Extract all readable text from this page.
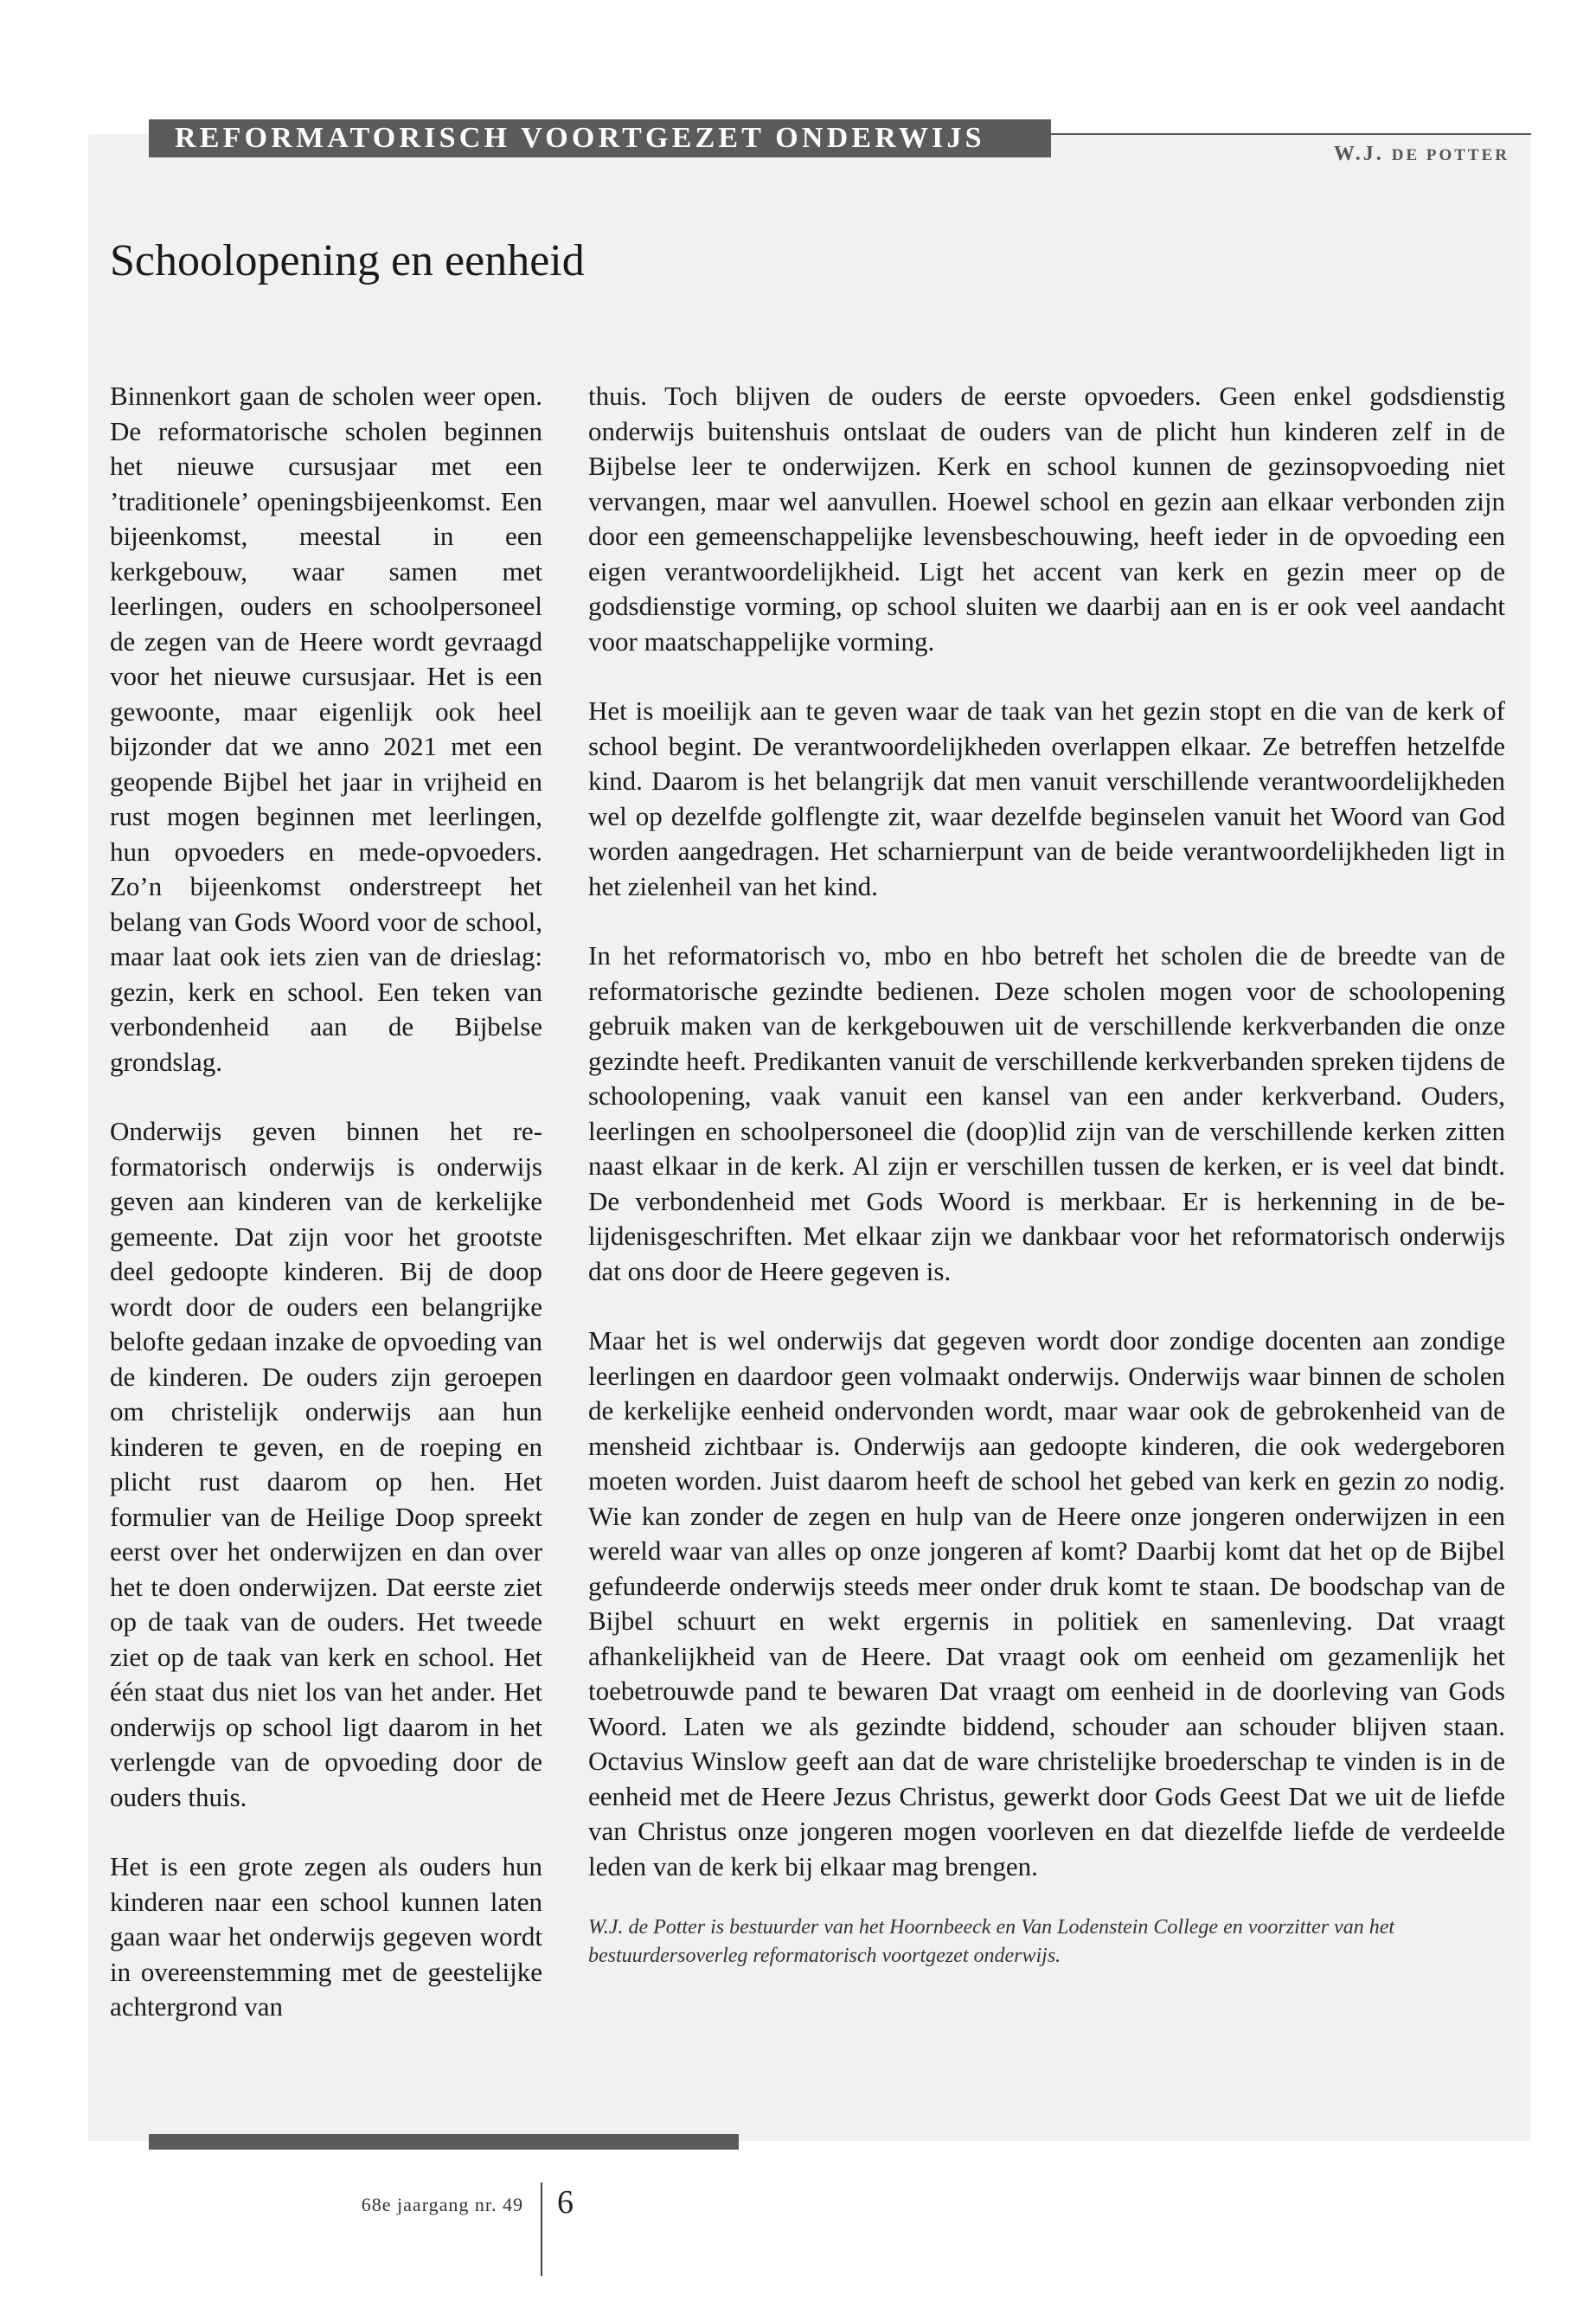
REFORMATORISCH VOORTGEZET ONDERWIJS	W.J. DE POTTER
Schoolopening en eenheid

Binnenkort gaan de scholen weer open. De reformatorische scholen beginnen het nieuwe cursusjaar met een ’traditionele’ openingsbijeenkomst. Een bijeenkomst, meestal in een kerkgebouw, waar samen met leerlingen, ouders en schoolpersoneel de zegen van de Heere wordt gevraagd voor het nieuwe cursusjaar. Het is een gewoonte, maar eigenlijk ook heel bijzonder dat we anno 2021 met een geopende Bijbel het jaar in vrijheid en rust mogen beginnen met leerlingen, hun opvoeders en mede-opvoeders. Zo’n bijeenkomst onderstreept het belang van Gods Woord voor de school, maar laat ook iets zien van de drieslag: gezin, kerk en school. Een teken van verbondenheid aan de Bijbelse grondslag.

Onderwijs geven binnen het reformatorisch onderwijs is onderwijs geven aan kinderen van de kerkelijke gemeente. Dat zijn voor het grootste deel gedoopte kinderen. Bij de doop wordt door de ouders een belangrijke belofte gedaan inzake de opvoeding van de kinderen. De ouders zijn geroepen om christelijk onderwijs aan hun kinderen te geven, en de roeping en plicht rust daarom op hen. Het formulier van de Heilige Doop spreekt eerst over het onderwijzen en dan over het te doen onderwijzen. Dat eerste ziet op de taak van de ouders. Het tweede ziet op de taak van kerk en school. Het één staat dus niet los van het ander. Het onderwijs op school ligt daarom in het verlengde van de opvoeding door de ouders thuis.

Het is een grote zegen als ouders hun kinderen naar een school kunnen laten gaan waar het onderwijs gegeven wordt in overeenstemming met de geestelijke achtergrond van

thuis. Toch blijven de ouders de eerste opvoeders. Geen enkel godsdienstig onderwijs buitenshuis ontslaat de ouders van de plicht hun kinderen zelf in de Bijbelse leer te onderwijzen. Kerk en school kunnen de gezinsopvoeding niet vervangen, maar wel aanvullen. Hoewel school en gezin aan elkaar verbonden zijn door een gemeenschappelijke levensbeschouwing, heeft ieder in de opvoeding een eigen verantwoordelijkheid. Ligt het accent van kerk en gezin meer op de godsdienstige vorming, op school sluiten we daarbij aan en is er ook veel aandacht voor maatschappelijke vorming.

Het is moeilijk aan te geven waar de taak van het gezin stopt en die van de kerk of school begint. De verantwoordelijkheden overlappen elkaar. Ze betreffen hetzelfde kind. Daarom is het belangrijk dat men vanuit verschillende verantwoordelijkheden wel op dezelfde golflengte zit, waar dezelfde beginselen vanuit het Woord van God worden aangedragen. Het scharnierpunt van de beide verantwoordelijkheden ligt in het zielenheil van het kind.

In het reformatorisch vo, mbo en hbo betreft het scholen die de breedte van de reformatorische gezindte bedienen. Deze scholen mogen voor de schoolopening gebruik maken van de kerkgebouwen uit de verschillende kerkverbanden die onze gezindte heeft. Predikanten vanuit de verschillende kerkverbanden spreken tijdens de schoolopening, vaak vanuit een kansel van een ander kerkverband. Ouders, leerlingen en schoolpersoneel die (doop)lid zijn van de verschillende kerken zitten naast elkaar in de kerk. Al zijn er verschillen tussen de kerken, er is veel dat bindt. De verbondenheid met Gods Woord is merkbaar. Er is herkenning in de belijdenisgeschriften. Met elkaar zijn we dankbaar voor het reformatorisch onderwijs dat ons door de Heere gegeven is.

Maar het is wel onderwijs dat gegeven wordt door zondige docenten aan zondige leerlingen en daardoor geen volmaakt onderwijs. Onderwijs waar binnen de scholen de kerkelijke eenheid ondervonden wordt, maar waar ook de gebrokenheid van de mensheid zichtbaar is. Onderwijs aan gedoopte kinderen, die ook wedergeboren moeten worden. Juist daarom heeft de school het gebed van kerk en gezin zo nodig. Wie kan zonder de zegen en hulp van de Heere onze jongeren onderwijzen in een wereld waar van alles op onze jongeren af komt? Daarbij komt dat het op de Bijbel gefundeerde onderwijs steeds meer onder druk komt te staan. De boodschap van de Bijbel schuurt en wekt ergernis in politiek en samenleving. Dat vraagt afhankelijkheid van de Heere. Dat vraagt ook om eenheid om gezamenlijk het toebetrouwde pand te bewaren Dat vraagt om eenheid in de doorleving van Gods Woord. Laten we als gezindte biddend, schouder aan schouder blijven staan. Octavius Winslow geeft aan dat de ware christelijke broederschap te vinden is in de eenheid met de Heere Jezus Christus, gewerkt door Gods Geest Dat we uit de liefde van Christus onze jongeren mogen voorleven en dat diezelfde liefde de verdeelde leden van de kerk bij elkaar mag brengen.

W.J. de Potter is bestuurder van het Hoornbeeck en Van Lodenstein College en voorzitter van het bestuurdersoverleg reformatorisch voortgezet onderwijs.

68e jaargang nr. 49 6
